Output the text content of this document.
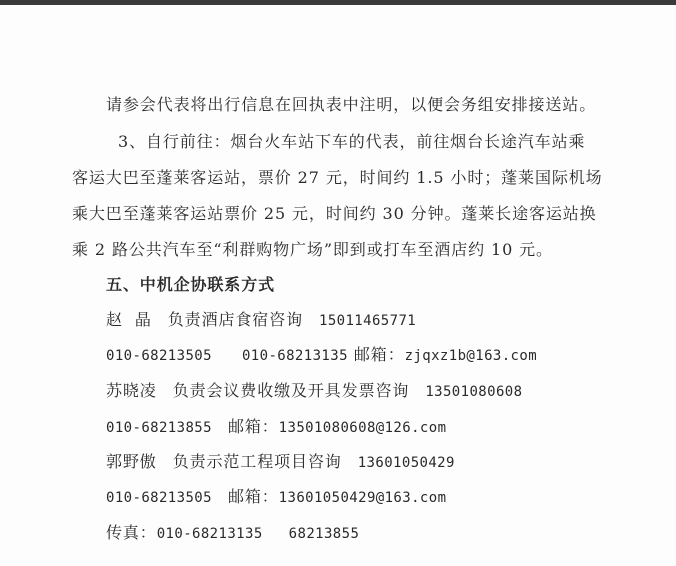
请参会代表将出行信息在回执表中注明，以便会务组安排接送站。
3、自行前往：烟台火车站下车的代表，前往烟台长途汽车站乘
客运大巴至蓬莱客运站，票价 27 元，时间约 1.5 小时；蓬莱国际机场
乘大巴至蓬莱客运站票价 25 元，时间约 30 分钟。蓬莱长途客运站换
乘 2 路公共汽车至“利群购物广场”即到或打车至酒店约 10 元。
五、中机企协联系方式
赵  晶 负责酒店食宿咨询 15011465771
010-68213505 010-68213135 邮箱：zjqxz1b@163.com
苏晓凌 负责会议费收缴及开具发票咨询 13501080608
010-68213855 邮箱：13501080608@126.com
郭野傲 负责示范工程项目咨询 13601050429
010-68213505 邮箱：13601050429@163.com
传真：010-68213135 68213855
